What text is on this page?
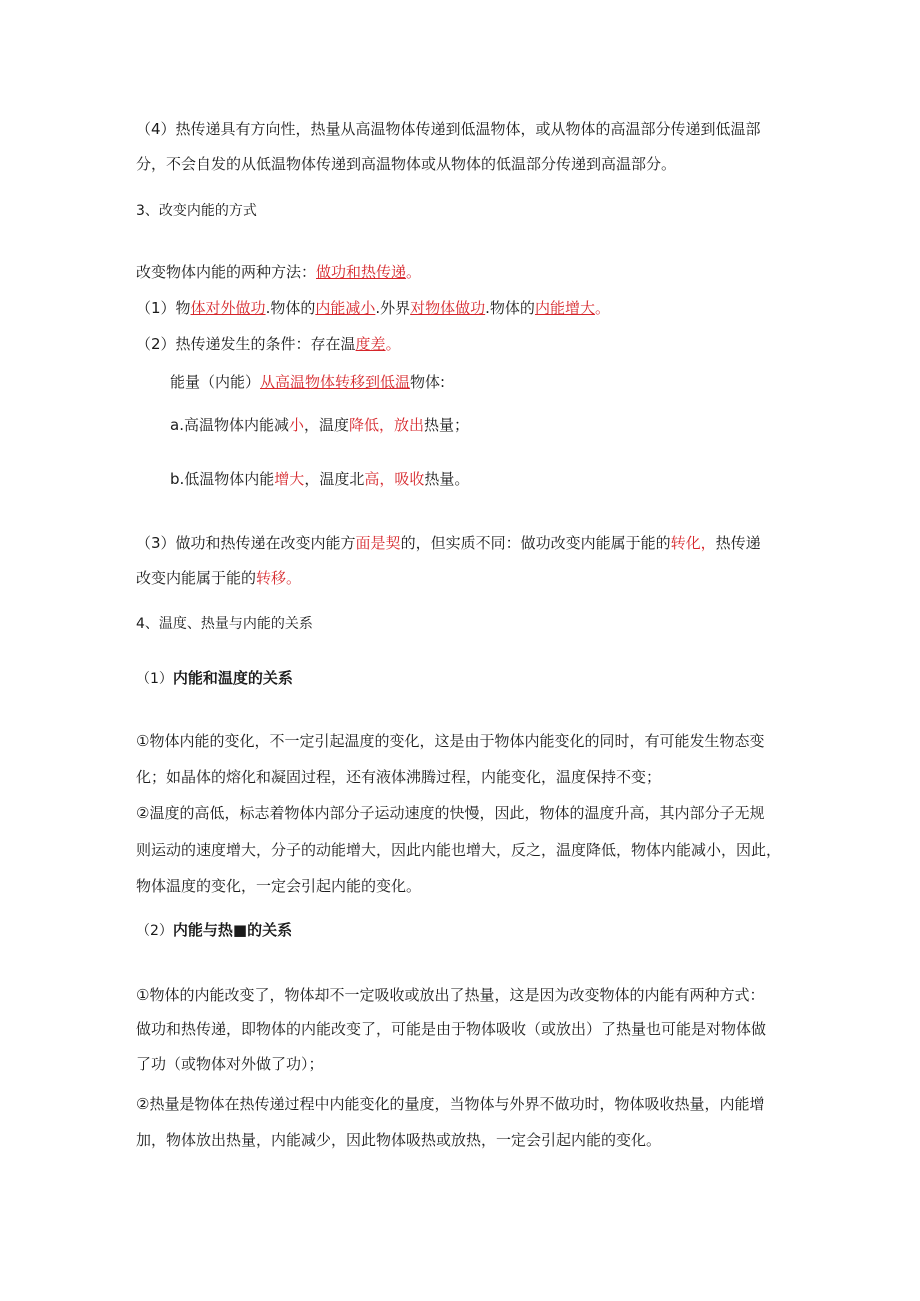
（4）热传递具有方向性，热量从高温物体传递到低温物体，或从物体的高温部分传递到低温部
分，不会自发的从低温物体传递到高温物体或从物体的低温部分传递到高温部分。
3、改变内能的方式
改变物体内能的两种方法：做功和热传递。
（1）物体对外做功.物体的内能减小.外界对物体做功.物体的内能增大。
（2）热传递发生的条件：存在温度差。
能量（内能）从高温物体转移到低温物体:
a.高温物体内能减小，温度降低，放出热量；
b.低温物体内能增大，温度北高，吸收热量。
（3）做功和热传递在改变内能方面是契的，但实质不同：做功改变内能属于能的转化，热传递
改变内能属于能的转移。
4、温度、热量与内能的关系
（1）内能和温度的关系
①物体内能的变化，不一定引起温度的变化，这是由于物体内能变化的同时，有可能发生物态变
化；如晶体的熔化和凝固过程，还有液体沸腾过程，内能变化，温度保持不变；
②温度的高低，标志着物体内部分子运动速度的快慢，因此，物体的温度升高，其内部分子无规
则运动的速度增大，分子的动能增大，因此内能也增大，反之，温度降低，物体内能减小，因此，
物体温度的变化，一定会引起内能的变化。
（2）内能与热■的关系
①物体的内能改变了，物体却不一定吸收或放出了热量，这是因为改变物体的内能有两种方式：
做功和热传递，即物体的内能改变了，可能是由于物体吸收（或放出）了热量也可能是对物体做
了功（或物体对外做了功）；
②热量是物体在热传递过程中内能变化的量度，当物体与外界不做功时，物体吸收热量，内能增
加，物体放出热量，内能减少，因此物体吸热或放热，一定会引起内能的变化。
